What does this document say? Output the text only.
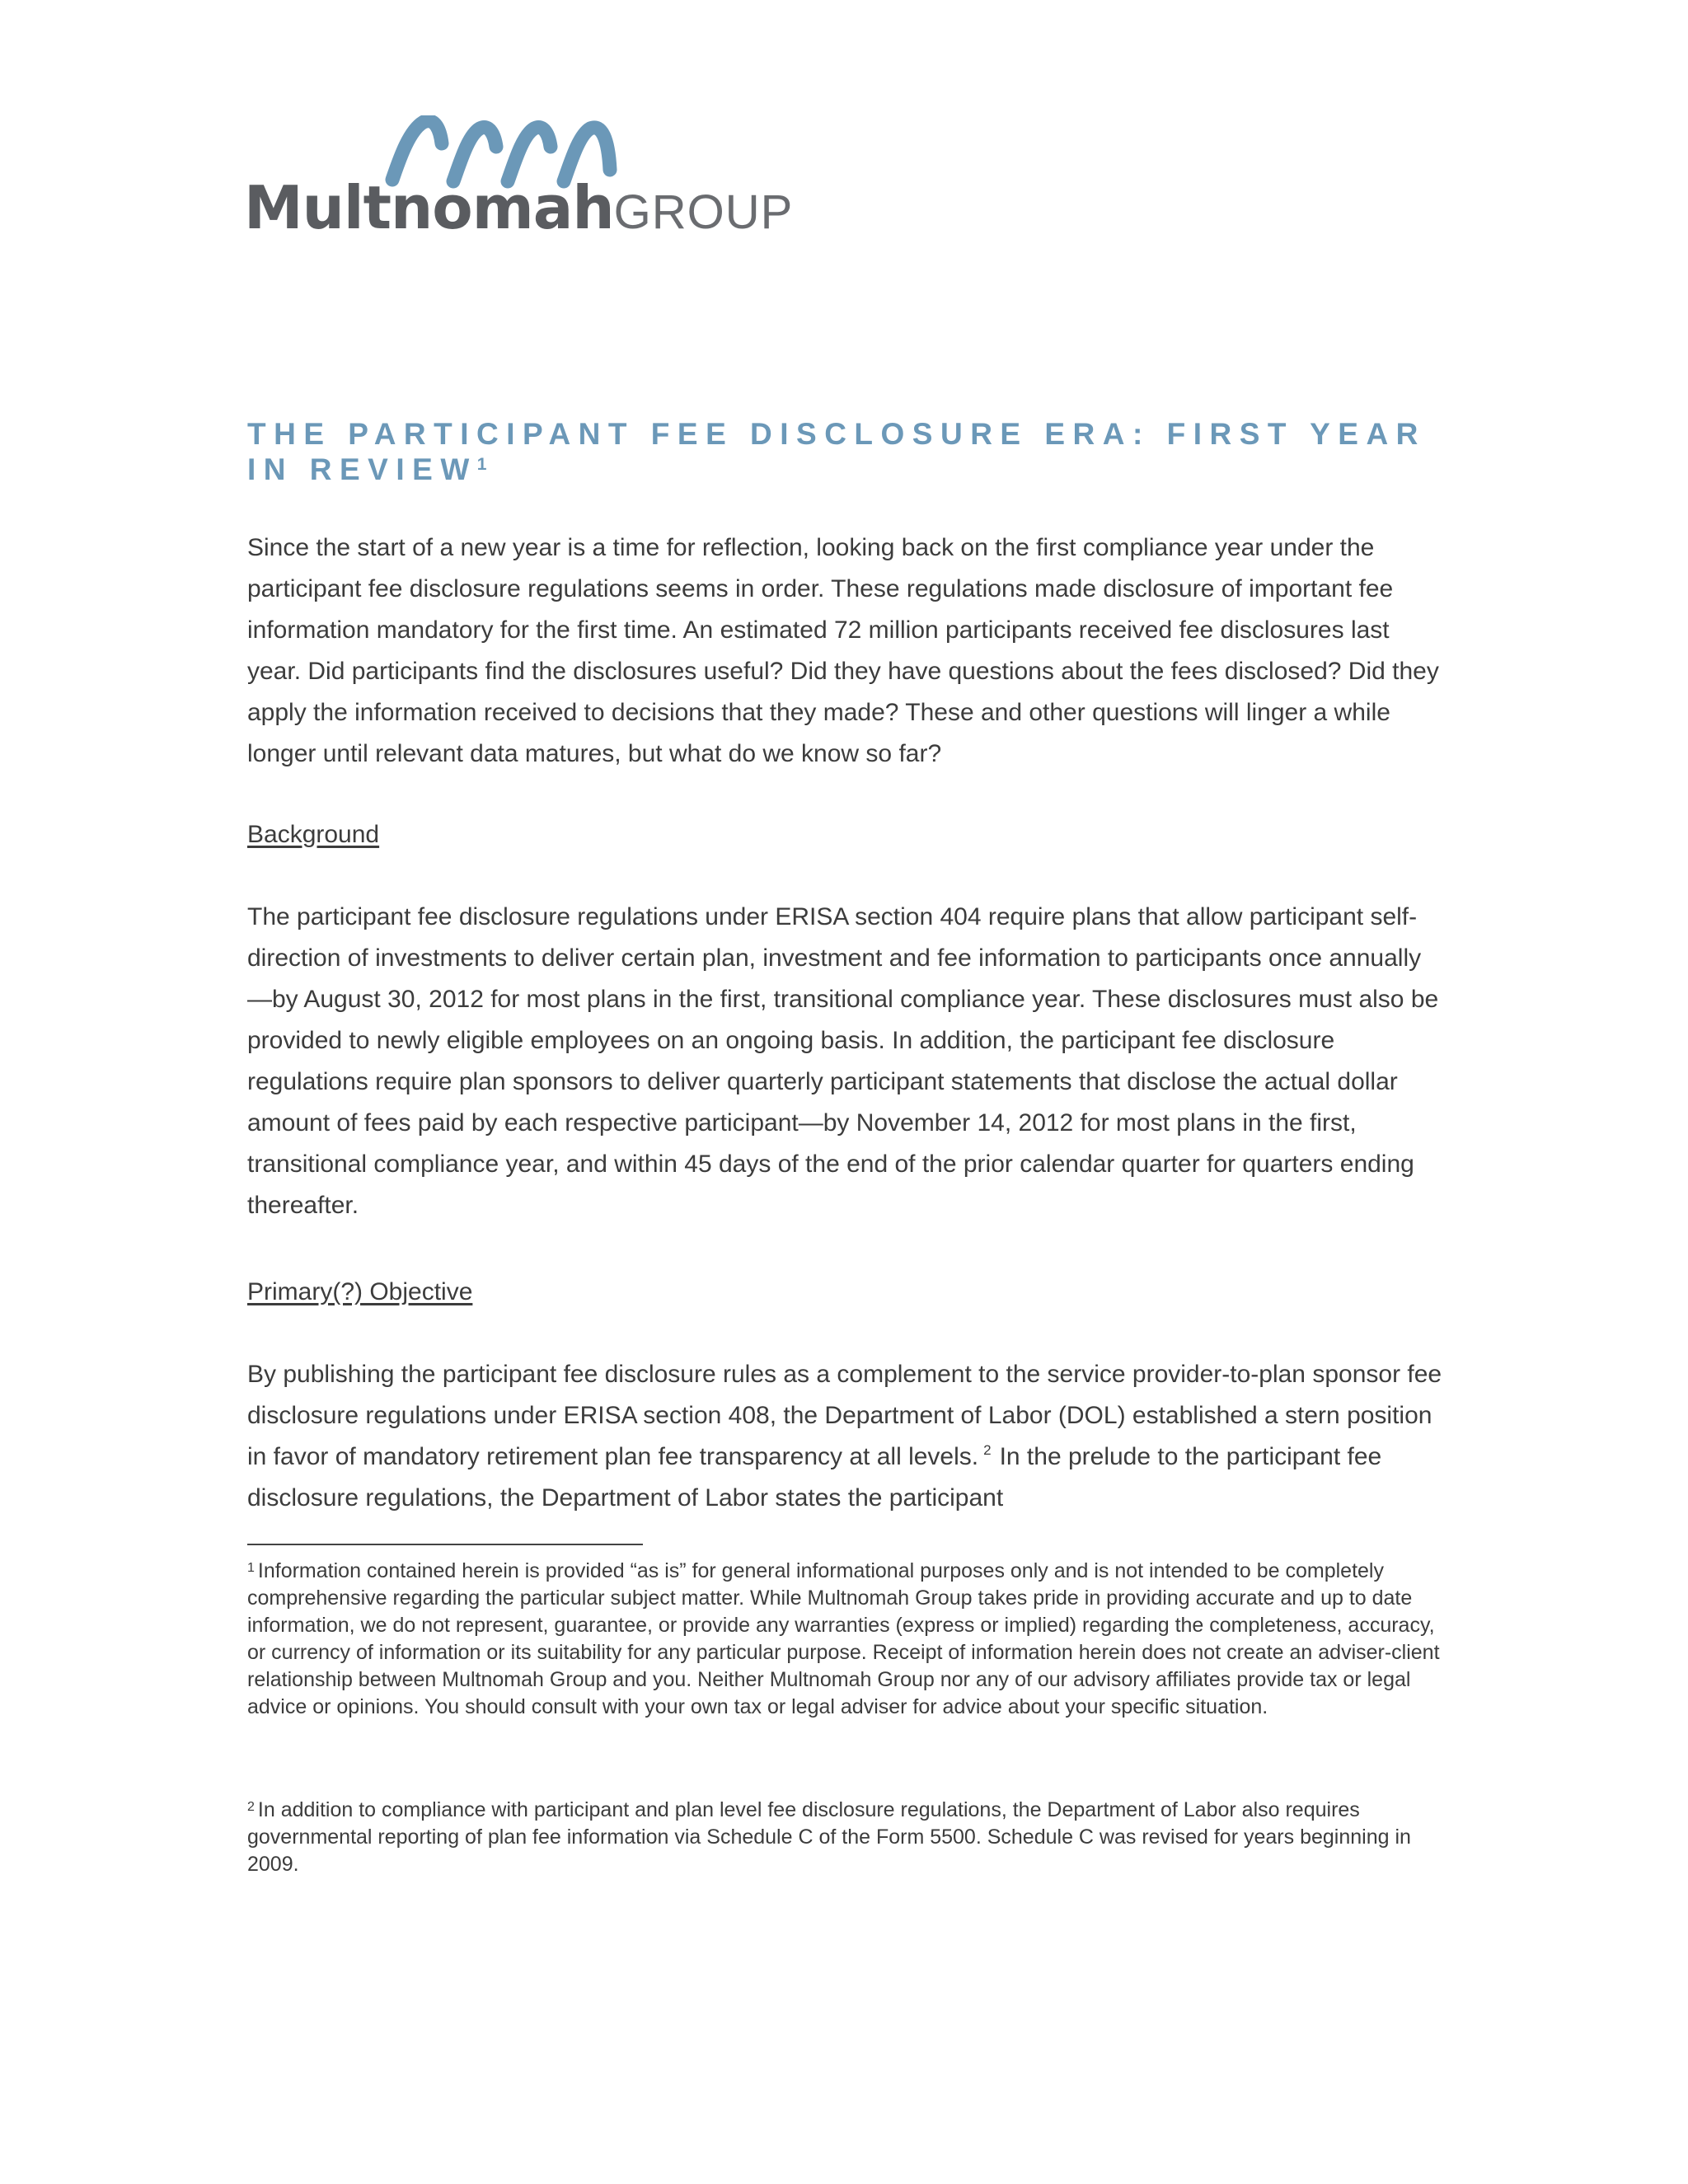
MultnomahGROUP
THE PARTICIPANT FEE DISCLOSURE ERA: FIRST YEAR IN REVIEW$^1$

Since the start of a new year is a time for reflection, looking back on the first compliance year under the participant fee disclosure regulations seems in order. These regulations made disclosure of important fee information mandatory for the first time. An estimated 72 million participants received fee disclosures last year. Did participants find the disclosures useful? Did they have questions about the fees disclosed? Did they apply the information received to decisions that they made? These and other questions will linger a while longer until relevant data matures, but what do we know so far?

Background

The participant fee disclosure regulations under ERISA section 404 require plans that allow participant self-direction of investments to deliver certain plan, investment and fee information to participants once annually—by August 30, 2012 for most plans in the first, transitional compliance year. These disclosures must also be provided to newly eligible employees on an ongoing basis. In addition, the participant fee disclosure regulations require plan sponsors to deliver quarterly participant statements that disclose the actual dollar amount of fees paid by each respective participant—by November 14, 2012 for most plans in the first, transitional compliance year, and within 45 days of the end of the prior calendar quarter for quarters ending thereafter.

Primary(?) Objective

By publishing the participant fee disclosure rules as a complement to the service provider-to-plan sponsor fee disclosure regulations under ERISA section 408, the Department of Labor (DOL) established a stern position in favor of mandatory retirement plan fee transparency at all levels. $^2$ In the prelude to the participant fee disclosure regulations, the Department of Labor states the participant

$^1$ Information contained herein is provided “as is” for general informational purposes only and is not intended to be completely comprehensive regarding the particular subject matter. While Multnomah Group takes pride in providing accurate and up to date information, we do not represent, guarantee, or provide any warranties (express or implied) regarding the completeness, accuracy, or currency of information or its suitability for any particular purpose. Receipt of information herein does not create an adviser-client relationship between Multnomah Group and you. Neither Multnomah Group nor any of our advisory affiliates provide tax or legal advice or opinions. You should consult with your own tax or legal adviser for advice about your specific situation.

$^2$ In addition to compliance with participant and plan level fee disclosure regulations, the Department of Labor also requires governmental reporting of plan fee information via Schedule C of the Form 5500. Schedule C was revised for years beginning in 2009.
